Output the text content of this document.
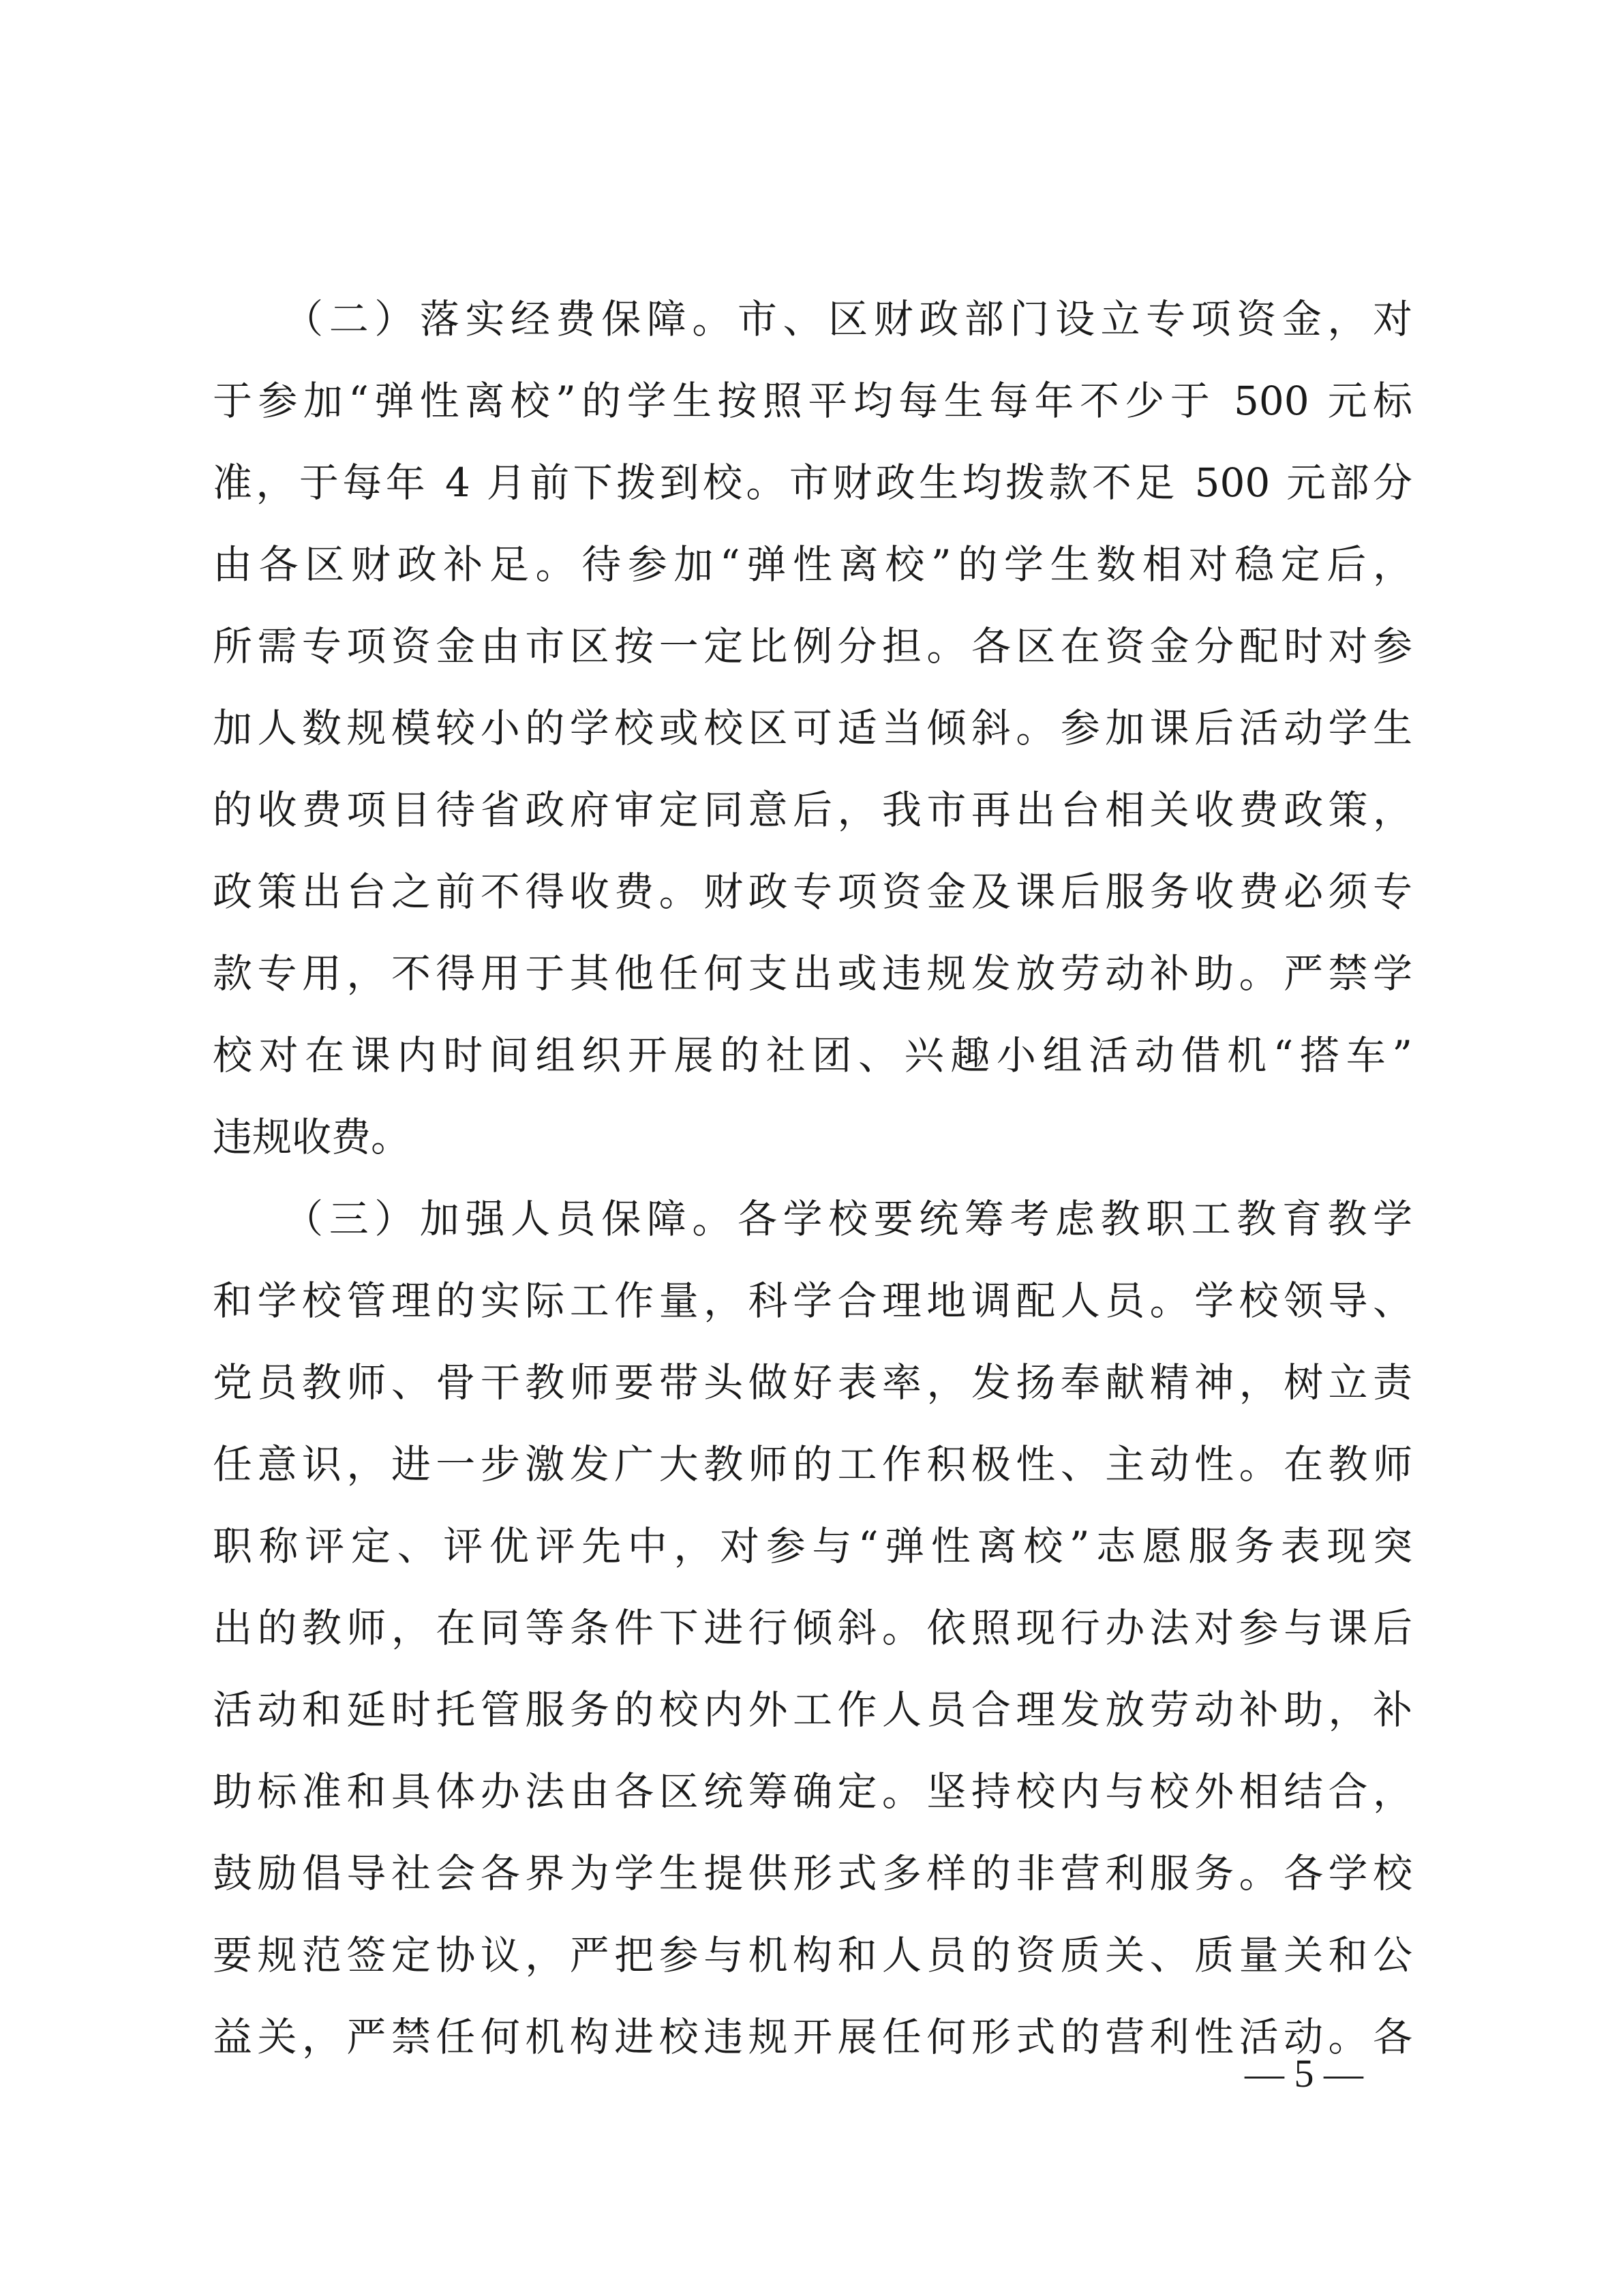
　　（二）落实经费保障。市、区财政部门设立专项资金，对
于参加“弹性离校”的学生按照平均每生每年不少于 500 元标
准，于每年 4 月前下拨到校。市财政生均拨款不足 500 元部分
由各区财政补足。待参加“弹性离校”的学生数相对稳定后，
所需专项资金由市区按一定比例分担。各区在资金分配时对参
加人数规模较小的学校或校区可适当倾斜。参加课后活动学生
的收费项目待省政府审定同意后，我市再出台相关收费政策，
政策出台之前不得收费。财政专项资金及课后服务收费必须专
款专用，不得用于其他任何支出或违规发放劳动补助。严禁学
校对在课内时间组织开展的社团、兴趣小组活动借机“搭车”
违规收费。
　　（三）加强人员保障。各学校要统筹考虑教职工教育教学
和学校管理的实际工作量，科学合理地调配人员。学校领导、
党员教师、骨干教师要带头做好表率，发扬奉献精神，树立责
任意识，进一步激发广大教师的工作积极性、主动性。在教师
职称评定、评优评先中，对参与“弹性离校”志愿服务表现突
出的教师，在同等条件下进行倾斜。依照现行办法对参与课后
活动和延时托管服务的校内外工作人员合理发放劳动补助，补
助标准和具体办法由各区统筹确定。坚持校内与校外相结合，
鼓励倡导社会各界为学生提供形式多样的非营利服务。各学校
要规范签定协议，严把参与机构和人员的资质关、质量关和公
益关，严禁任何机构进校违规开展任何形式的营利性活动。各
— 5 —
